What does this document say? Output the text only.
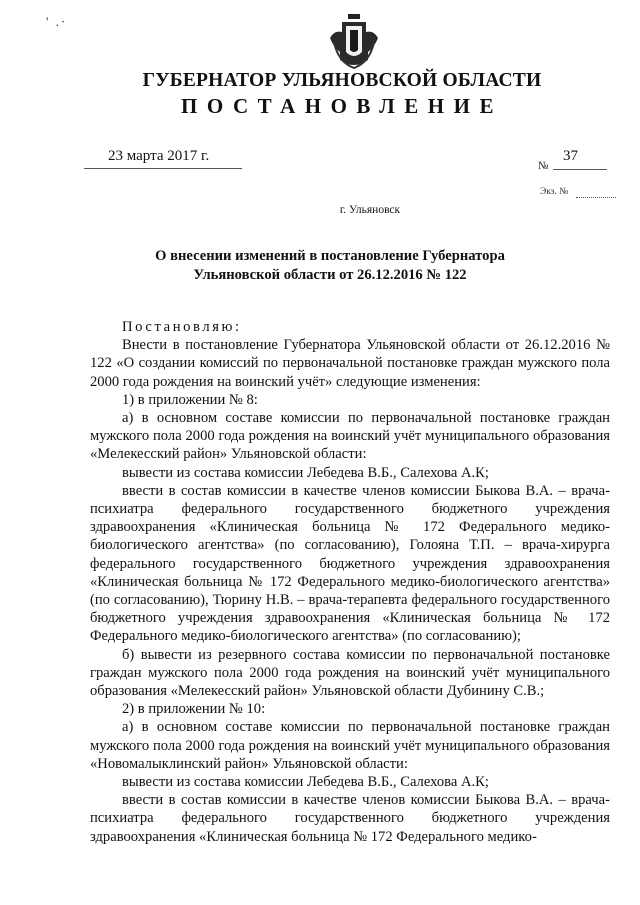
' .·
ГУБЕРНАТОР УЛЬЯНОВСКОЙ ОБЛАСТИ
ПОСТАНОВЛЕНИЕ
23 марта 2017 г.
№
37
Экз. №
г. Ульяновск
О внесении изменений в постановление Губернатора
Ульяновской области от 26.12.2016 № 122

Постановляю:

Внести в постановление Губернатора Ульяновской области от 26.12.2016 № 122 «О создании комиссий по первоначальной постановке граждан мужского пола 2000 года рождения на воинский учёт» следующие изменения:

1) в приложении № 8:

а) в основном составе комиссии по первоначальной постановке граждан мужского пола 2000 года рождения на воинский учёт муниципального образования «Мелекесский район» Ульяновской области:

вывести из состава комиссии Лебедева В.Б., Салехова А.К;

ввести в состав комиссии в качестве членов комиссии Быкова В.А. – врача-психиатра федерального государственного бюджетного учреждения здравоохранения «Клиническая больница № 172 Федерального медико-биологического агентства» (по согласованию), Голояна Т.П. – врача-хирурга федерального государственного бюджетного учреждения здравоохранения «Клиническая больница № 172 Федерального медико-биологического агентства» (по согласованию), Тюрину Н.В. – врача-терапевта федерального государственного бюджетного учреждения здравоохранения «Клиническая больница № 172 Федерального медико-биологического агентства» (по согласованию);

б) вывести из резервного состава комиссии по первоначальной постановке граждан мужского пола 2000 года рождения на воинский учёт муниципального образования «Мелекесский район» Ульяновской области Дубинину С.В.;

2) в приложении № 10:

а) в основном составе комиссии по первоначальной постановке граждан мужского пола 2000 года рождения на воинский учёт муниципального образования «Новомалыклинский район» Ульяновской области:

вывести из состава комиссии Лебедева В.Б., Салехова А.К;

ввести в состав комиссии в качестве членов комиссии Быкова В.А. – врача-психиатра федерального государственного бюджетного учреждения здравоохранения «Клиническая больница № 172 Федерального медико-
